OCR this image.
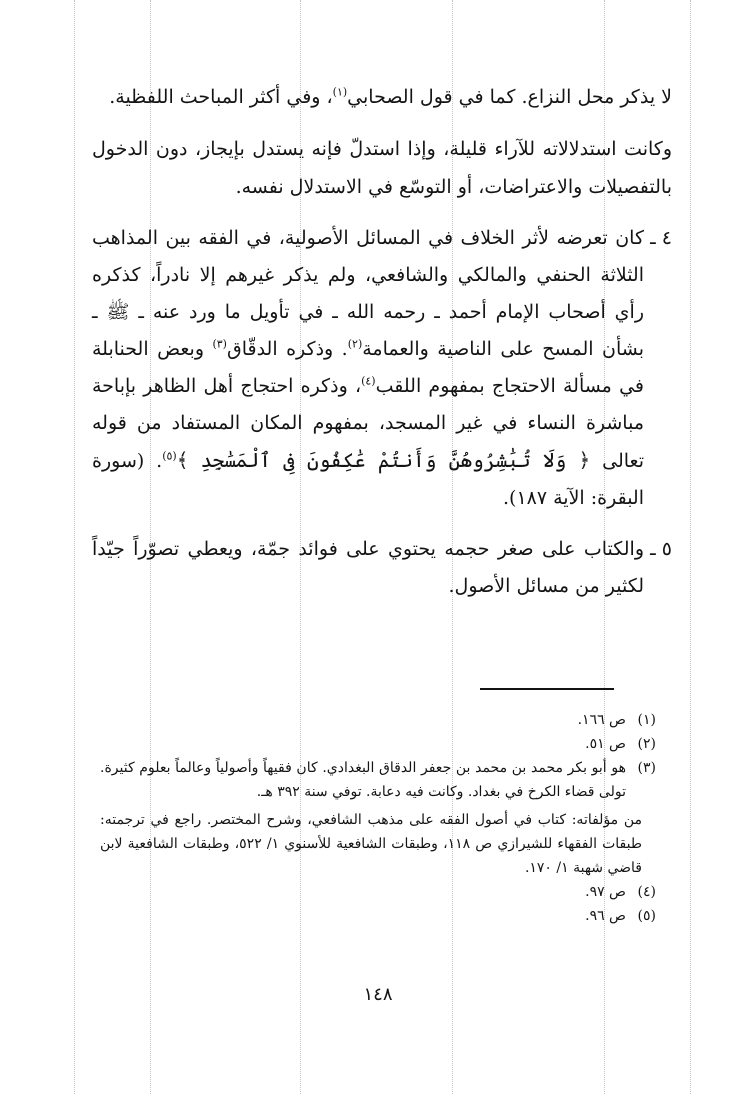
لا يذكر محل النزاع. كما في قول الصحابي$^{(١)}$، وفي أكثر المباحث اللفظية.

وكانت استدلالاته للآراء قليلة، وإذا استدلّ فإنه يستدل بإيجاز، دون الدخول بالتفصيلات والاعتراضات، أو التوسّع في الاستدلال نفسه.

٤ ـ
كان تعرضه لأثر الخلاف في المسائل الأصولية، في الفقه بين المذاهب الثلاثة الحنفي والمالكي والشافعي، ولم يذكر غيرهم إلا نادراً، كذكره رأي أصحاب الإمام أحمد ـ رحمه الله ـ في تأويل ما ورد عنه ـ ﷺ ـ بشأن المسح على الناصية والعمامة$^{(٢)}$. وذكره الدقّاق$^{(٣)}$ وبعض الحنابلة في مسألة الاحتجاج بمفهوم اللقب$^{(٤)}$، وذكره احتجاج أهل الظاهر بإباحة مباشرة النساء في غير المسجد، بمفهوم المكان المستفاد من قوله تعالى ﴿ وَلَا تُبَٰشِرُوهُنَّ وَأَنتُمْ عَٰكِفُونَ فِى ٱلْمَسَٰجِدِ ﴾$^{(٥)}$. (سورة البقرة: الآية ١٨٧).
٥ ـ
والكتاب على صغر حجمه يحتوي على فوائد جمّة، ويعطي تصوّراً جيّداً لكثير من مسائل الأصول.

(١)
ص ١٦٦.

(٢)
ص ٥١.

(٣)
هو أبو بكر محمد بن محمد بن جعفر الدقاق البغدادي. كان فقيهاً وأصولياً وعالماً بعلوم كثيرة. تولى قضاء الكرخ في بغداد. وكانت فيه دعابة. توفي سنة ٣٩٢ هـ.

من مؤلفاته: كتاب في أصول الفقه على مذهب الشافعي، وشرح المختصر. راجع في ترجمته: طبقات الفقهاء للشيرازي ص ١١٨، وطبقات الشافعية للأسنوي ١/ ٥٢٢، وطبقات الشافعية لابن قاضي شهبة ١/ ١٧٠.

(٤)
ص ٩٧.

(٥)
ص ٩٦.

١٤٨
